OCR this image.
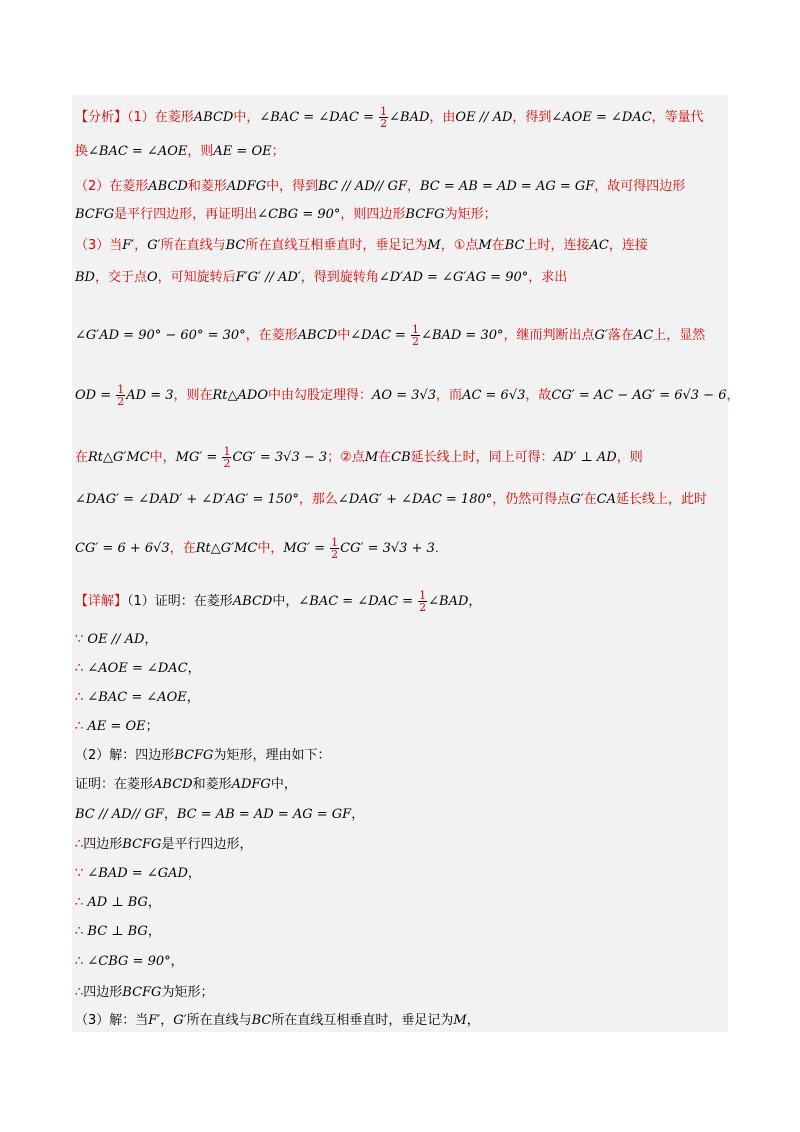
【分析】（1）在菱形ABCD中，∠BAC = ∠DAC = $\frac{1}{2}$ ∠BAD，由OE // AD，得到∠AOE = ∠DAC，等量代
换∠BAC = ∠AOE，则AE = OE；
（2）在菱形ABCD和菱形ADFG中，得到BC // AD// GF，BC = AB = AD = AG = GF，故可得四边形
BCFG是平行四边形，再证明出∠CBG = 90°，则四边形BCFG为矩形；
（3）当F′，G′所在直线与BC所在直线互相垂直时，垂足记为M，①点M在BC上时，连接AC，连接
BD，交于点O，可知旋转后F′G′ // AD′，得到旋转角∠D′AD = ∠G′AG = 90°，求出
∠G′AD = 90° − 60° = 30°，在菱形ABCD中∠DAC = $\frac{1}{2}$ ∠BAD = 30°，继而判断出点G′落在AC上，显然
OD = $\frac{1}{2}$ AD = 3，则在Rt△ADO中由勾股定理得：AO = 3√3，而AC = 6√3，故CG′ = AC − AG′ = 6√3 − 6，
在Rt△G′MC中，$MG' = \frac{1}{2} CG' = 3√3 - 3$；②点M在CB延长线上时，同上可得：AD′ ⊥ AD，则
∠DAG′ = ∠DAD′ + ∠D′AG′ = 150°，那么∠DAG′ + ∠DAC = 180°，仍然可得点G′在CA延长线上，此时
CG′ = 6 + 6√3，在Rt△G′MC中，$MG' = \frac{1}{2} CG' = 3√3 + 3$．
【详解】（1）证明：在菱形ABCD中，∠BAC = ∠DAC = $\frac{1}{2}$ ∠BAD，
∵ OE // AD，
∴ ∠AOE = ∠DAC，
∴ ∠BAC = ∠AOE，
∴ AE = OE；
（2）解：四边形BCFG为矩形，理由如下：
证明：在菱形ABCD和菱形ADFG中，
BC // AD// GF，BC = AB = AD = AG = GF，
∴四边形BCFG是平行四边形，
∵ ∠BAD = ∠GAD，
∴ AD ⊥ BG，
∴ BC ⊥ BG，
∴ ∠CBG = 90°，
∴四边形BCFG为矩形；
（3）解：当F′，G′所在直线与BC所在直线互相垂直时，垂足记为M，
